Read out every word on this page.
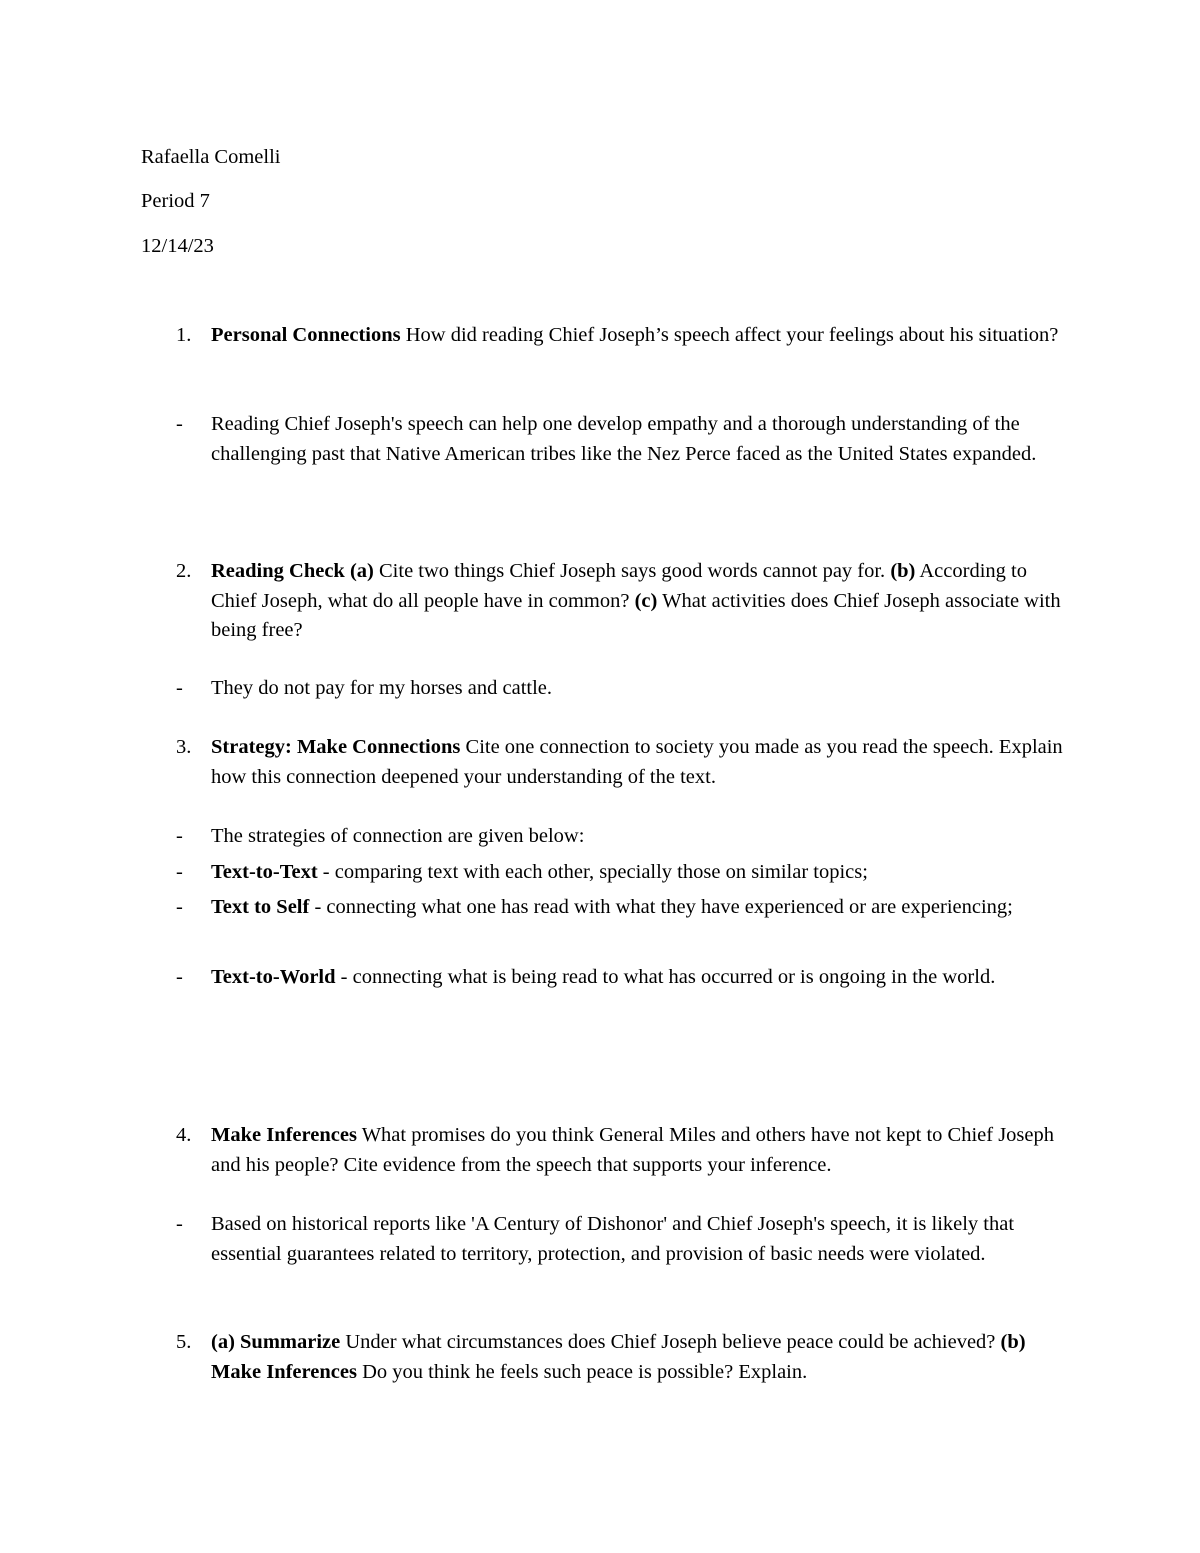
Rafaella Comelli
Period 7
12/14/23
1. Personal Connections How did reading Chief Joseph’s speech affect your feelings about his situation?
- Reading Chief Joseph's speech can help one develop empathy and a thorough understanding of the challenging past that Native American tribes like the Nez Perce faced as the United States expanded.
2. Reading Check (a) Cite two things Chief Joseph says good words cannot pay for. (b) According to Chief Joseph, what do all people have in common? (c) What activities does Chief Joseph associate with being free?
- They do not pay for my horses and cattle.
3. Strategy: Make Connections Cite one connection to society you made as you read the speech. Explain how this connection deepened your understanding of the text.
- The strategies of connection are given below:
- Text-to-Text - comparing text with each other, specially those on similar topics;
- Text to Self - connecting what one has read with what they have experienced or are experiencing;
- Text-to-World - connecting what is being read to what has occurred or is ongoing in the world.
4. Make Inferences What promises do you think General Miles and others have not kept to Chief Joseph and his people? Cite evidence from the speech that supports your inference.
- Based on historical reports like 'A Century of Dishonor' and Chief Joseph's speech, it is likely that essential guarantees related to territory, protection, and provision of basic needs were violated.
5. (a) Summarize Under what circumstances does Chief Joseph believe peace could be achieved? (b) Make Inferences Do you think he feels such peace is possible? Explain.
